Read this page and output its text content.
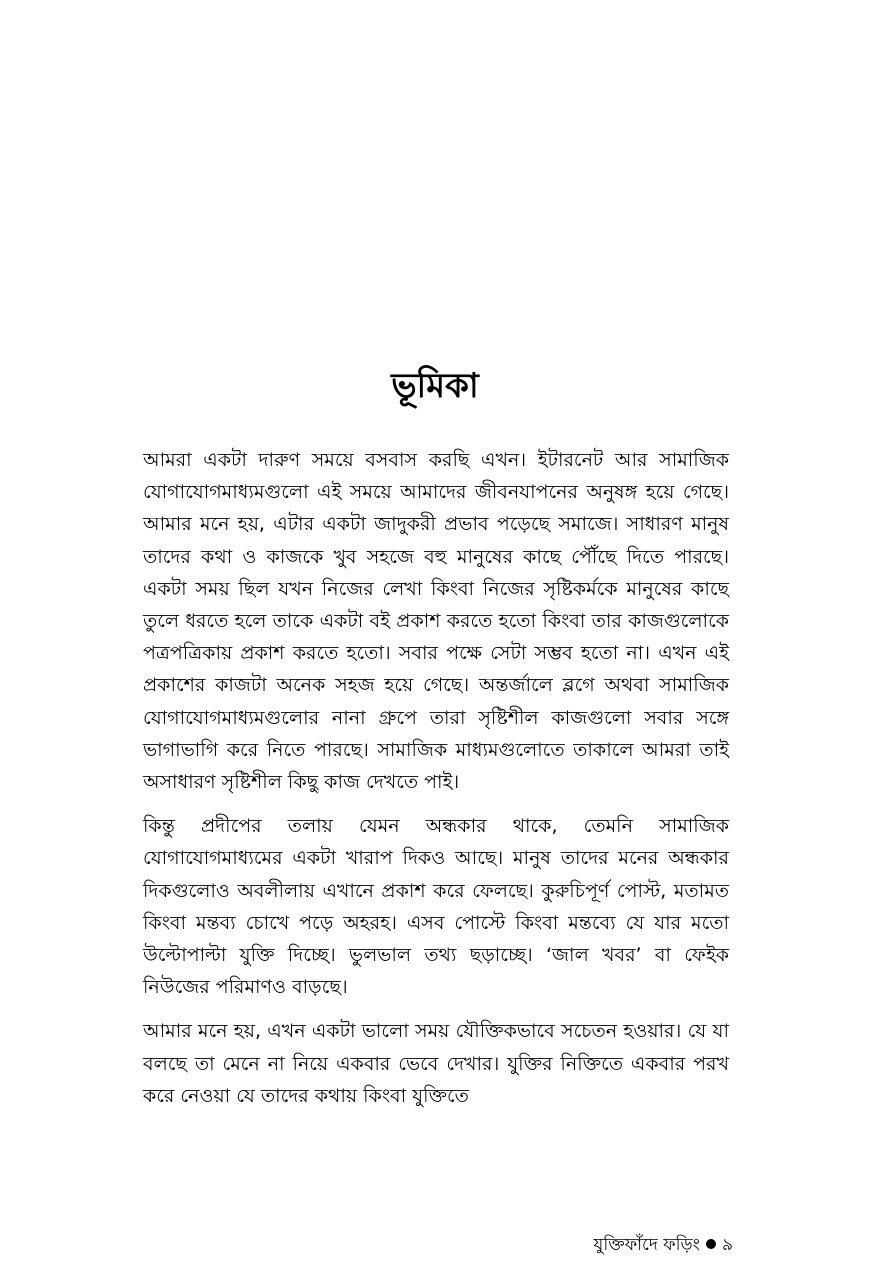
ভূমিকা

আমরা একটা দারুণ সময়ে বসবাস করছি এখন। ইটারনেট আর সামাজিক যোগাযোগমাধ্যমগুলো এই সময়ে আমাদের জীবনযাপনের অনুষঙ্গ হয়ে গেছে। আমার মনে হয়, এটার একটা জাদুকরী প্রভাব পড়েছে সমাজে। সাধারণ মানুষ তাদের কথা ও কাজকে খুব সহজে বহু মানুষের কাছে পৌঁছে দিতে পারছে। একটা সময় ছিল যখন নিজের লেখা কিংবা নিজের সৃষ্টিকর্মকে মানুষের কাছে তুলে ধরতে হলে তাকে একটা বই প্রকাশ করতে হতো কিংবা তার কাজগুলোকে পত্রপত্রিকায় প্রকাশ করতে হতো। সবার পক্ষে সেটা সম্ভব হতো না। এখন এই প্রকাশের কাজটা অনেক সহজ হয়ে গেছে। অন্তর্জালে ব্লগে অথবা সামাজিক যোগাযোগমাধ্যমগুলোর নানা গ্রুপে তারা সৃষ্টিশীল কাজগুলো সবার সঙ্গে ভাগাভাগি করে নিতে পারছে। সামাজিক মাধ্যমগুলোতে তাকালে আমরা তাই অসাধারণ সৃষ্টিশীল কিছু কাজ দেখতে পাই।

কিন্তু প্রদীপের তলায় যেমন অন্ধকার থাকে, তেমনি সামাজিক যোগাযোগমাধ্যমের একটা খারাপ দিকও আছে। মানুষ তাদের মনের অন্ধকার দিকগুলোও অবলীলায় এখানে প্রকাশ করে ফেলছে। কুরুচিপূর্ণ পোস্ট, মতামত কিংবা মন্তব্য চোখে পড়ে অহরহ। এসব পোস্টে কিংবা মন্তব্যে যে যার মতো উল্টোপাল্টা যুক্তি দিচ্ছে। ভুলভাল তথ্য ছড়াচ্ছে। ‘জাল খবর’ বা ফেইক নিউজের পরিমাণও বাড়ছে।

আমার মনে হয়, এখন একটা ভালো সময় যৌক্তিকভাবে সচেতন হওয়ার। যে যা বলছে তা মেনে না নিয়ে একবার ভেবে দেখার। যুক্তির নিক্তিতে একবার পরখ করে নেওয়া যে তাদের কথায় কিংবা যুক্তিতে

যুক্তিফাঁদে ফড়িং ৯
